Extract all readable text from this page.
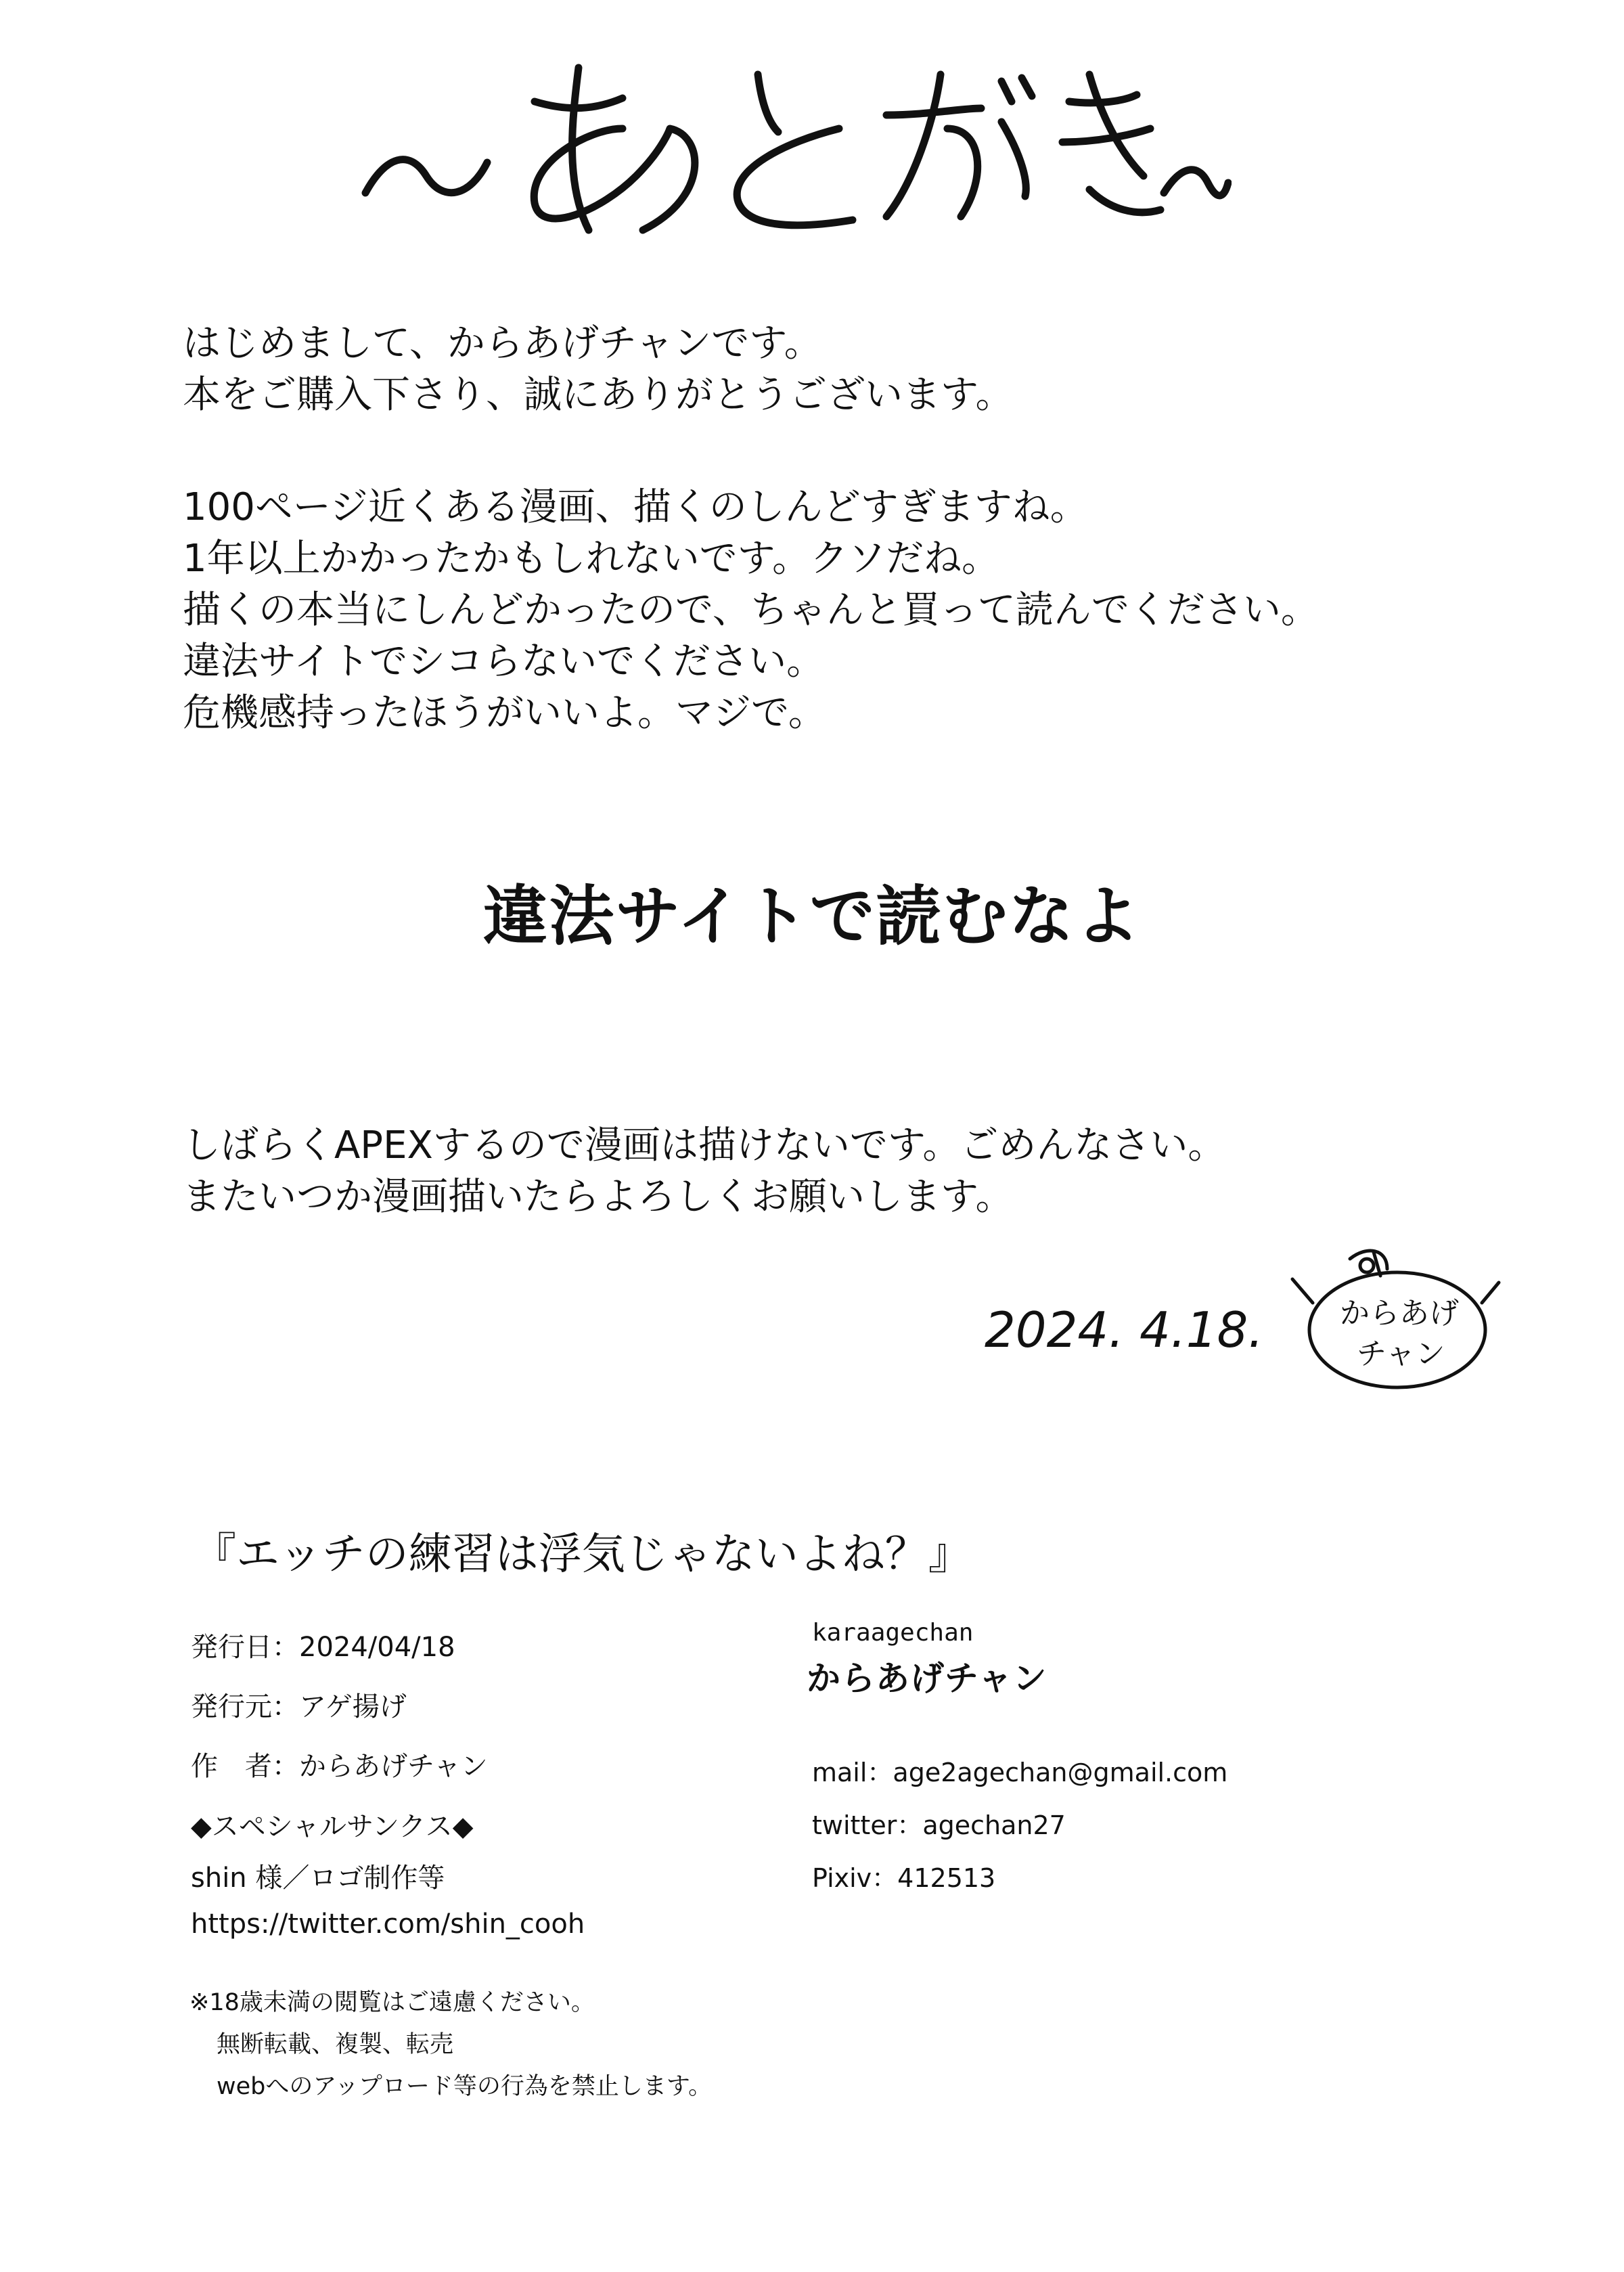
はじめまして、からあげチャンです。
本をご購入下さり、誠にありがとうございます。
100ページ近くある漫画、描くのしんどすぎますね。
1年以上かかったかもしれないです。クソだね。
描くの本当にしんどかったので、ちゃんと買って読んでください。
違法サイトでシコらないでください。
危機感持ったほうがいいよ。マジで。
違法サイトで読むなよ
しばらくAPEXするので漫画は描けないです。ごめんなさい。
またいつか漫画描いたらよろしくお願いします。
2024. 4.18.	からあげ
チャン
『エッチの練習は浮気じゃないよね？』
発行日：2024/04/18
発行元：アゲ揚げ
作　者：からあげチャン
◆スペシャルサンクス◆
shin 様／ロゴ制作等
https://twitter.com/shin_cooh
※18歳未満の閲覧はご遠慮ください。
無断転載、複製、転売
webへのアップロード等の行為を禁止します。
karaagechan
からあげチャン
mail：age2agechan@gmail.com
twitter：agechan27
Pixiv：412513
